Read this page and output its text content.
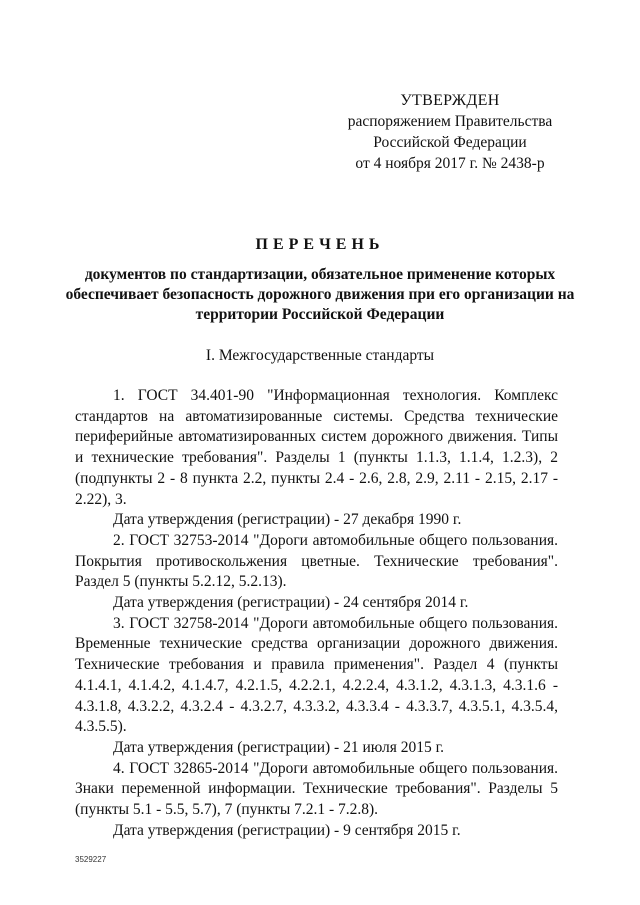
УТВЕРЖДЕН
распоряжением Правительства
Российской Федерации
от 4 ноября 2017 г. № 2438-р
ПЕРЕЧЕНЬ
документов по стандартизации, обязательное применение которых обеспечивает безопасность дорожного движения при его организации на территории Российской Федерации
I. Межгосударственные стандарты

1. ГОСТ 34.401-90 "Информационная технология. Комплекс стандартов на автоматизированные системы. Средства технические периферийные автоматизированных систем дорожного движения. Типы и технические требования". Разделы 1 (пункты 1.1.3, 1.1.4, 1.2.3), 2 (подпункты 2 - 8 пункта 2.2, пункты 2.4 - 2.6, 2.8, 2.9, 2.11 - 2.15, 2.17 - 2.22), 3.

Дата утверждения (регистрации) - 27 декабря 1990 г.

2. ГОСТ 32753-2014 "Дороги автомобильные общего пользования. Покрытия противоскольжения цветные. Технические требования". Раздел 5 (пункты 5.2.12, 5.2.13).

Дата утверждения (регистрации) - 24 сентября 2014 г.

3. ГОСТ 32758-2014 "Дороги автомобильные общего пользования. Временные технические средства организации дорожного движения. Технические требования и правила применения". Раздел 4 (пункты 4.1.4.1, 4.1.4.2, 4.1.4.7, 4.2.1.5, 4.2.2.1, 4.2.2.4, 4.3.1.2, 4.3.1.3, 4.3.1.6 - 4.3.1.8, 4.3.2.2, 4.3.2.4 - 4.3.2.7, 4.3.3.2, 4.3.3.4 - 4.3.3.7, 4.3.5.1, 4.3.5.4, 4.3.5.5).

Дата утверждения (регистрации) - 21 июля 2015 г.

4. ГОСТ 32865-2014 "Дороги автомобильные общего пользования. Знаки переменной информации. Технические требования". Разделы 5 (пункты 5.1 - 5.5, 5.7), 7 (пункты 7.2.1 - 7.2.8).

Дата утверждения (регистрации) - 9 сентября 2015 г.

3529227
